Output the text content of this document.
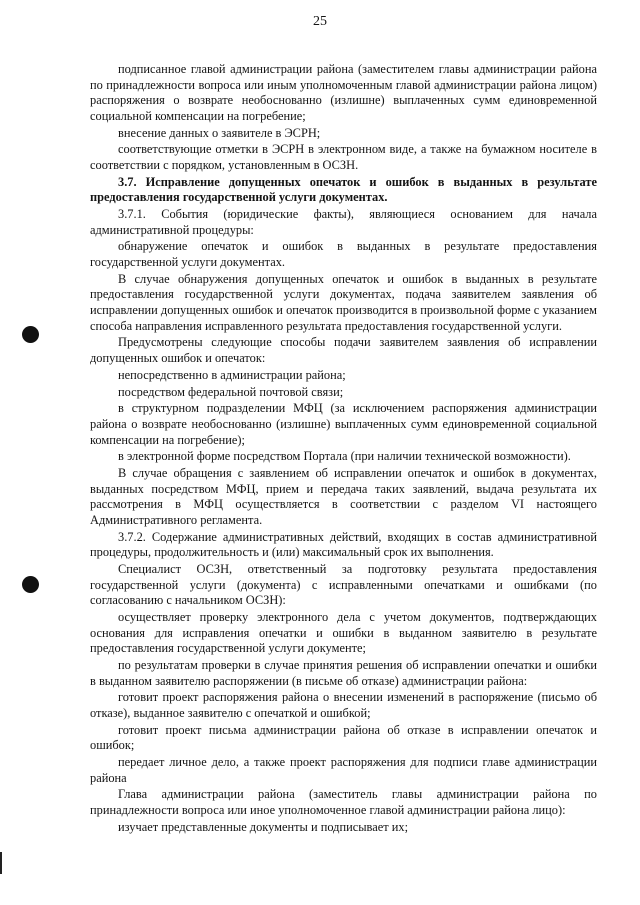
25

подписанное главой администрации района (заместителем главы администрации района по принадлежности вопроса или иным уполномоченным главой администрации района лицом) распоряжения о возврате необоснованно (излишне) выплаченных сумм единовременной социальной компенсации на погребение;

внесение данных о заявителе в ЭСРН;

соответствующие отметки в ЭСРН в электронном виде, а также на бумажном носителе в соответствии с порядком, установленным в ОСЗН.

3.7. Исправление допущенных опечаток и ошибок в выданных в результате предоставления государственной услуги документах.

3.7.1. События (юридические факты), являющиеся основанием для начала административной процедуры:

обнаружение опечаток и ошибок в выданных в результате предоставления государственной услуги документах.

В случае обнаружения допущенных опечаток и ошибок в выданных в результате предоставления государственной услуги документах, подача заявителем заявления об исправлении допущенных ошибок и опечаток производится в произвольной форме с указанием способа направления исправленного результата предоставления государственной услуги.

Предусмотрены следующие способы подачи заявителем заявления об исправлении допущенных ошибок и опечаток:

непосредственно в администрации района;

посредством федеральной почтовой связи;

в структурном подразделении МФЦ (за исключением распоряжения администрации района о возврате необоснованно (излишне) выплаченных сумм единовременной социальной компенсации на погребение);

в электронной форме посредством Портала (при наличии технической возможности).

В случае обращения с заявлением об исправлении опечаток и ошибок в документах, выданных посредством МФЦ, прием и передача таких заявлений, выдача результата их рассмотрения в МФЦ осуществляется в соответствии с разделом VI настоящего Административного регламента.

3.7.2. Содержание административных действий, входящих в состав административной процедуры, продолжительность и (или) максимальный срок их выполнения.

Специалист ОСЗН, ответственный за подготовку результата предоставления государственной услуги (документа) с исправленными опечатками и ошибками (по согласованию с начальником ОСЗН):

осуществляет проверку электронного дела с учетом документов, подтверждающих основания для исправления опечатки и ошибки в выданном заявителю в результате предоставления государственной услуги документе;

по результатам проверки в случае принятия решения об исправлении опечатки и ошибки в выданном заявителю распоряжении (в письме об отказе) администрации района:

готовит проект распоряжения района о внесении изменений в распоряжение (письмо об отказе), выданное заявителю с опечаткой и ошибкой;

готовит проект письма администрации района об отказе в исправлении опечаток и ошибок;

передает личное дело, а также проект распоряжения для подписи главе администрации района

Глава администрации района (заместитель главы администрации района по принадлежности вопроса или иное уполномоченное главой администрации района лицо):

изучает представленные документы и подписывает их;
